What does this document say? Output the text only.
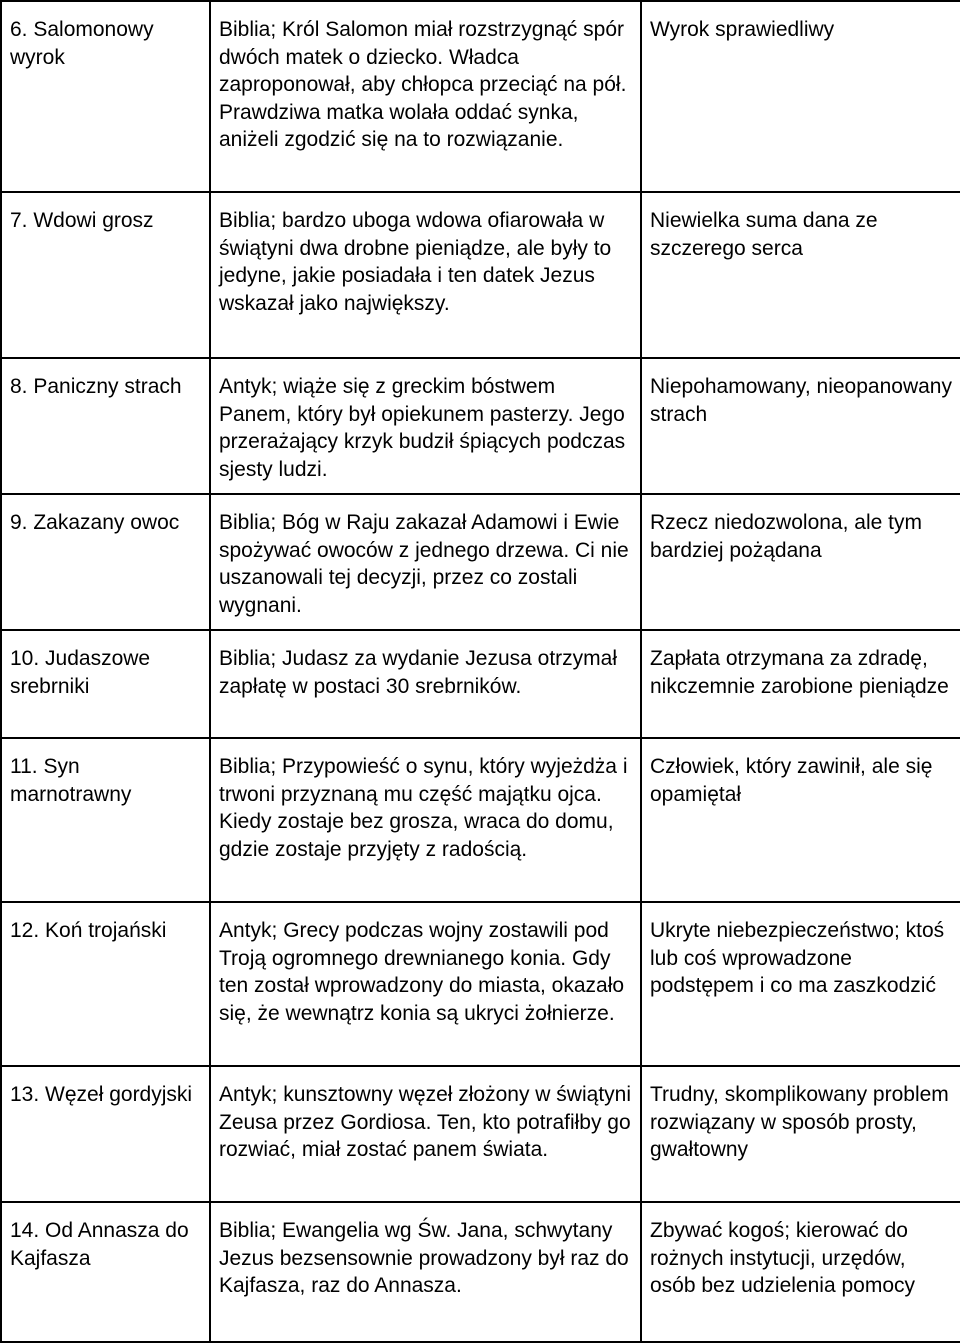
6. Salomonowy wyrok	Biblia; Król Salomon miał rozstrzygnąć spór dwóch matek o dziecko. Władca zaproponował, aby chłopca przeciąć na pół. Prawdziwa matka wolała oddać synka, aniżeli zgodzić się na to rozwiązanie.	Wyrok sprawiedliwy
7. Wdowi grosz	Biblia; bardzo uboga wdowa ofiarowała w świątyni dwa drobne pieniądze, ale były to jedyne, jakie posiadała i ten datek Jezus wskazał jako największy.	Niewielka suma dana ze szczerego serca
8. Paniczny strach	Antyk; wiąże się z greckim bóstwem Panem, który był opiekunem pasterzy. Jego przerażający krzyk budził śpiących podczas sjesty ludzi.	Niepohamowany, nieopanowany strach
9. Zakazany owoc	Biblia; Bóg w Raju zakazał Adamowi i Ewie spożywać owoców z jednego drzewa. Ci nie uszanowali tej decyzji, przez co zostali wygnani.	Rzecz niedozwolona, ale tym bardziej pożądana
10. Judaszowe srebrniki	Biblia; Judasz za wydanie Jezusa otrzymał zapłatę w postaci 30 srebrników.	Zapłata otrzymana za zdradę, nikczemnie zarobione pieniądze
11. Syn marnotrawny	Biblia; Przypowieść o synu, który wyjeżdża i trwoni przyznaną mu część majątku ojca. Kiedy zostaje bez grosza, wraca do domu, gdzie zostaje przyjęty z radością.	Człowiek, który zawinił, ale się opamiętał
12. Koń trojański	Antyk; Grecy podczas wojny zostawili pod Troją ogromnego drewnianego konia. Gdy ten został wprowadzony do miasta, okazało się, że wewnątrz konia są ukryci żołnierze.	Ukryte niebezpieczeństwo; ktoś lub coś wprowadzone podstępem i co ma zaszkodzić
13. Węzeł gordyjski	Antyk; kunsztowny węzeł złożony w świątyni Zeusa przez Gordiosa. Ten, kto potrafiłby go rozwiać, miał zostać panem świata.	Trudny, skomplikowany problem rozwiązany w sposób prosty, gwałtowny
14. Od Annasza do Kajfasza	Biblia; Ewangelia wg Św. Jana, schwytany Jezus bezsensownie prowadzony był raz do Kajfasza, raz do Annasza.	Zbywać kogoś; kierować do rożnych instytucji, urzędów, osób bez udzielenia pomocy
